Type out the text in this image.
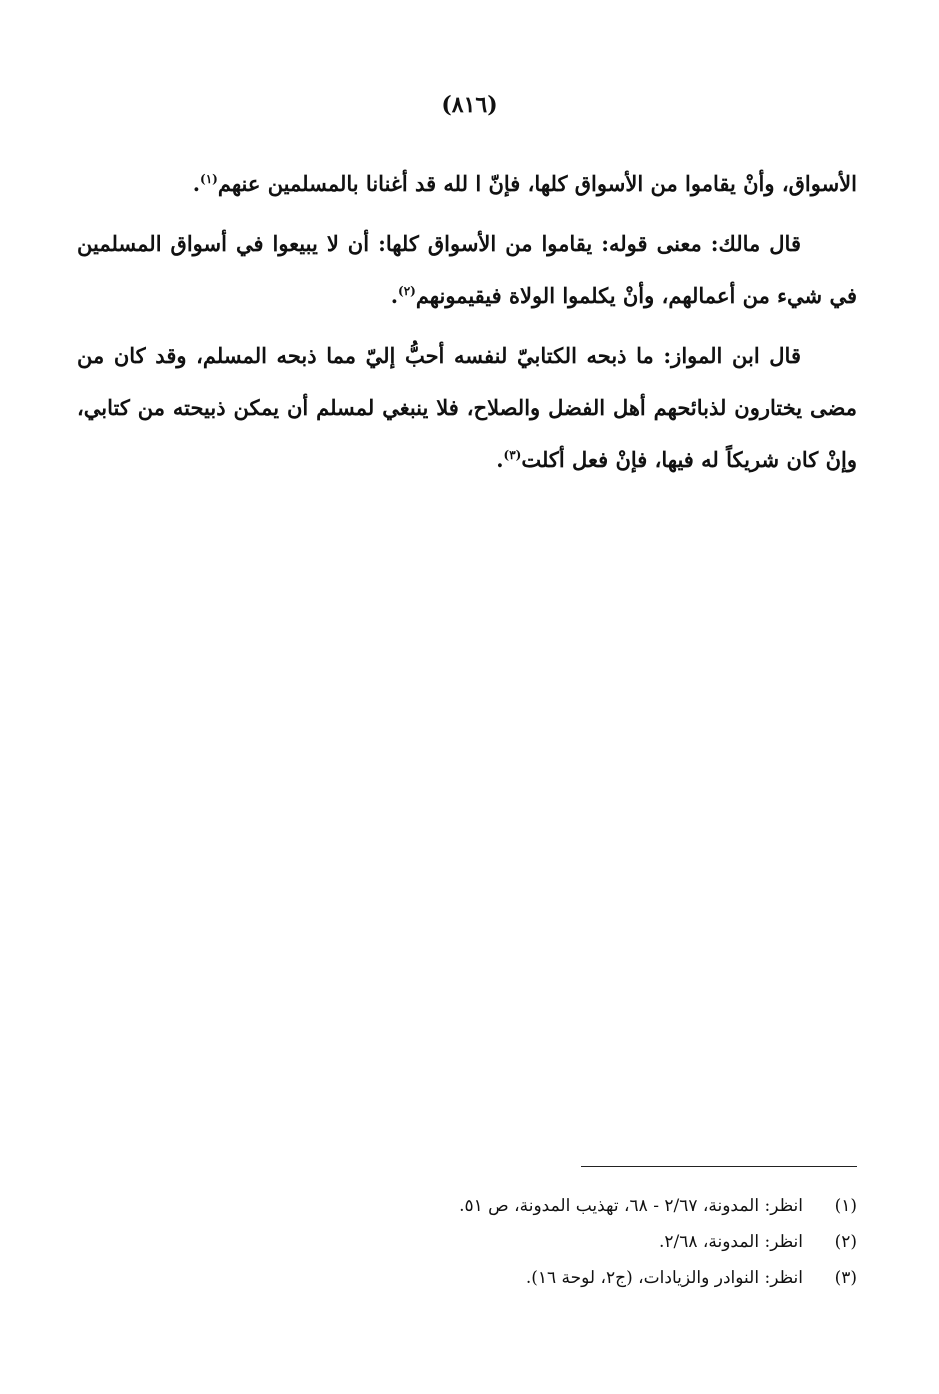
(٨١٦)

الأسواق، وأنْ يقاموا من الأسواق كلها، فإنّ ا لله قد أغنانا بالمسلمين عنهم$^{(١)}$.

قال مالك: معنى قوله: يقاموا من الأسواق كلها: أن لا يبيعوا في أسواق المسلمين في شيء من أعمالهم، وأنْ يكلموا الولاة فيقيمونهم$^{(٢)}$.

قال ابن المواز: ما ذبحه الكتابيّ لنفسه أحبُّ إليّ مما ذبحه المسلم، وقد كان من مضى يختارون لذبائحهم أهل الفضل والصلاح، فلا ينبغي لمسلم أن يمكن ذبيحته من كتابي، وإنْ كان شريكاً له فيها، فإنْ فعل أكلت$^{(٣)}$.

(١)
انظر: المدونة، ٢/٦٧ - ٦٨، تهذيب المدونة، ص ٥١.
(٢)
انظر: المدونة، ٢/٦٨.
(٣)
انظر: النوادر والزيادات، (ج٢، لوحة ١٦).
